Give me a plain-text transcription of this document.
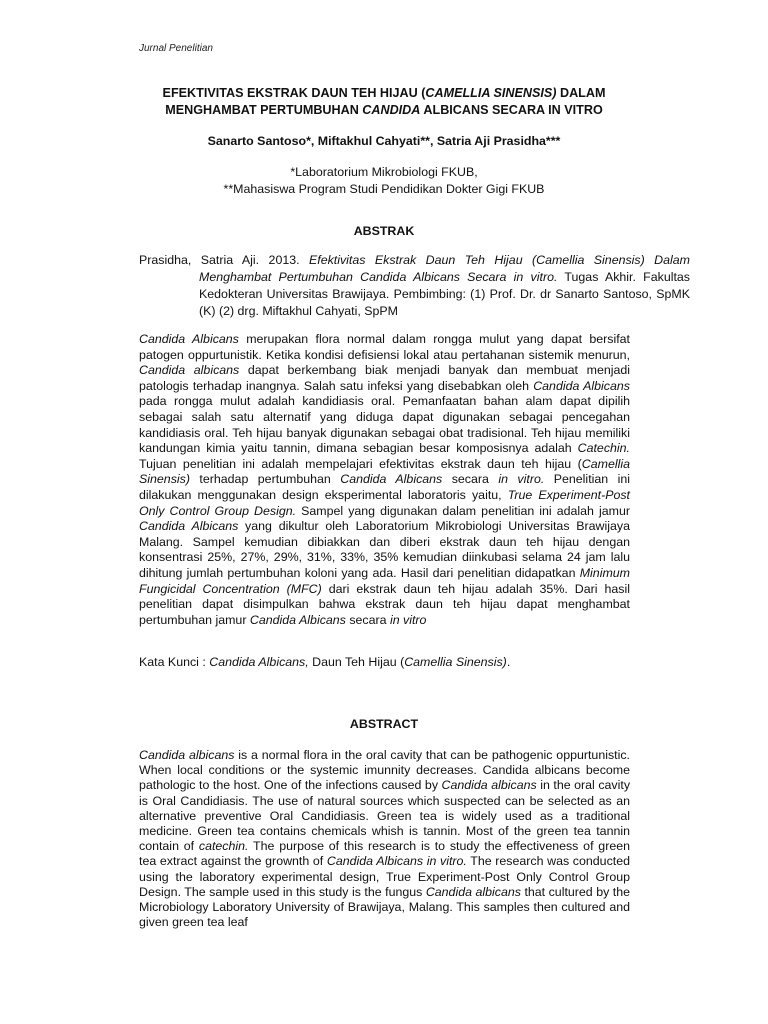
Jurnal Penelitian
EFEKTIVITAS EKSTRAK DAUN TEH HIJAU (CAMELLIA SINENSIS) DALAM
MENGHAMBAT PERTUMBUHAN CANDIDA ALBICANS SECARA IN VITRO
Sanarto Santoso*, Miftakhul Cahyati**, Satria Aji Prasidha***
*Laboratorium Mikrobiologi FKUB,
**Mahasiswa Program Studi Pendidikan Dokter Gigi FKUB
ABSTRAK
Prasidha, Satria Aji. 2013. Efektivitas Ekstrak Daun Teh Hijau (Camellia Sinensis) Dalam Menghambat Pertumbuhan Candida Albicans Secara in vitro. Tugas Akhir. Fakultas Kedokteran Universitas Brawijaya. Pembimbing: (1) Prof. Dr. dr Sanarto Santoso, SpMK (K) (2) drg. Miftakhul Cahyati, SpPM
Candida Albicans merupakan flora normal dalam rongga mulut yang dapat bersifat patogen oppurtunistik. Ketika kondisi defisiensi lokal atau pertahanan sistemik menurun, Candida albicans dapat berkembang biak menjadi banyak dan membuat menjadi patologis terhadap inangnya. Salah satu infeksi yang disebabkan oleh Candida Albicans pada rongga mulut adalah kandidiasis oral. Pemanfaatan bahan alam dapat dipilih sebagai salah satu alternatif yang diduga dapat digunakan sebagai pencegahan kandidiasis oral. Teh hijau banyak digunakan sebagai obat tradisional. Teh hijau memiliki kandungan kimia yaitu tannin, dimana sebagian besar komposisnya adalah Catechin. Tujuan penelitian ini adalah mempelajari efektivitas ekstrak daun teh hijau (Camellia Sinensis) terhadap pertumbuhan Candida Albicans secara in vitro. Penelitian ini dilakukan menggunakan design eksperimental laboratoris yaitu, True Experiment-Post Only Control Group Design. Sampel yang digunakan dalam penelitian ini adalah jamur Candida Albicans yang dikultur oleh Laboratorium Mikrobiologi Universitas Brawijaya Malang. Sampel kemudian dibiakkan dan diberi ekstrak daun teh hijau dengan konsentrasi 25%, 27%, 29%, 31%, 33%, 35% kemudian diinkubasi selama 24 jam lalu dihitung jumlah pertumbuhan koloni yang ada. Hasil dari penelitian didapatkan Minimum Fungicidal Concentration (MFC) dari ekstrak daun teh hijau adalah 35%. Dari hasil penelitian dapat disimpulkan bahwa ekstrak daun teh hijau dapat menghambat pertumbuhan jamur Candida Albicans secara in vitro
Kata Kunci : Candida Albicans, Daun Teh Hijau (Camellia Sinensis).
ABSTRACT
Candida albicans is a normal flora in the oral cavity that can be pathogenic oppurtunistic. When local conditions or the systemic imunnity decreases. Candida albicans become pathologic to the host. One of the infections caused by Candida albicans in the oral cavity is Oral Candidiasis. The use of natural sources which suspected can be selected as an alternative preventive Oral Candidiasis. Green tea is widely used as a traditional medicine. Green tea contains chemicals whish is tannin. Most of the green tea tannin contain of catechin. The purpose of this research is to study the effectiveness of green tea extract against the grownth of Candida Albicans in vitro. The research was conducted using the laboratory experimental design, True Experiment-Post Only Control Group Design. The sample used in this study is the fungus Candida albicans that cultured by the Microbiology Laboratory University of Brawijaya, Malang. This samples then cultured and given green tea leaf
